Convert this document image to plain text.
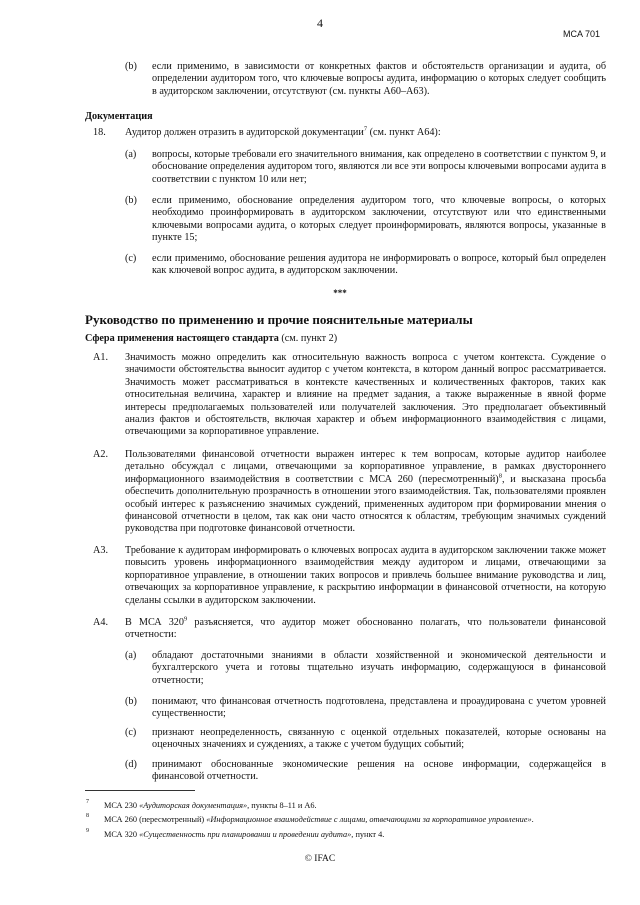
4
MCA 701
(b) если применимо, в зависимости от конкретных фактов и обстоятельств организации и аудита, об определении аудитором того, что ключевые вопросы аудита, информацию о которых следует сообщить в аудиторском заключении, отсутствуют (см. пункты A60–A63).
Документация
18. Аудитор должен отразить в аудиторской документации$^7$ (см. пункт А64):
(a) вопросы, которые требовали его значительного внимания, как определено в соответствии с пунктом 9, и обоснование определения аудитором того, являются ли все эти вопросы ключевыми вопросами аудита в соответствии с пунктом 10 или нет;
(b) если применимо, обоснование определения аудитором того, что ключевые вопросы, о которых необходимо проинформировать в аудиторском заключении, отсутствуют или что единственными ключевыми вопросами аудита, о которых следует проинформировать, являются вопросы, указанные в пункте 15;
(c) если применимо, обоснование решения аудитора не информировать о вопросе, который был определен как ключевой вопрос аудита, в аудиторском заключении.
***
Руководство по применению и прочие пояснительные материалы
Сфера применения настоящего стандарта (см. пункт 2)
A1. Значимость можно определить как относительную важность вопроса с учетом контекста. Суждение о значимости обстоятельства выносит аудитор с учетом контекста, в котором данный вопрос рассматривается. Значимость может рассматриваться в контексте качественных и количественных факторов, таких как относительная величина, характер и влияние на предмет задания, а также выраженные в явной форме интересы предполагаемых пользователей или получателей заключения. Это предполагает объективный анализ фактов и обстоятельств, включая характер и объем информационного взаимодействия с лицами, отвечающими за корпоративное управление.
A2. Пользователями финансовой отчетности выражен интерес к тем вопросам, которые аудитор наиболее детально обсуждал с лицами, отвечающими за корпоративное управление, в рамках двустороннего информационного взаимодействия в соответствии с МСА 260 (пересмотренный)$^8$, и высказана просьба обеспечить дополнительную прозрачность в отношении этого взаимодействия. Так, пользователями проявлен особый интерес к разъяснению значимых суждений, примененных аудитором при формировании мнения о финансовой отчетности в целом, так как они часто относятся к областям, требующим значимых суждений руководства при подготовке финансовой отчетности.
A3. Требование к аудиторам информировать о ключевых вопросах аудита в аудиторском заключении также может повысить уровень информационного взаимодействия между аудитором и лицами, отвечающими за корпоративное управление, в отношении таких вопросов и привлечь большее внимание руководства и лиц, отвечающих за корпоративное управление, к раскрытию информации в финансовой отчетности, на которую сделаны ссылки в аудиторском заключении.
A4. В МСА $320^9$ разъясняется, что аудитор может обоснованно полагать, что пользователи финансовой отчетности:
(a) обладают достаточными знаниями в области хозяйственной и экономической деятельности и бухгалтерского учета и готовы тщательно изучать информацию, содержащуюся в финансовой отчетности;
(b) понимают, что финансовая отчетность подготовлена, представлена и проаудирована с учетом уровней существенности;
(c) признают неопределенность, связанную с оценкой отдельных показателей, которые основаны на оценочных значениях и суждениях, а также с учетом будущих событий;
(d) принимают обоснованные экономические решения на основе информации, содержащейся в финансовой отчетности.
7 МСА 230 «Аудиторская документация», пункты 8–11 и А6.
8 МСА 260 (пересмотренный) «Информационное взаимодействие с лицами, отвечающими за корпоративное управление».
9 МСА 320 «Существенность при планировании и проведении аудита», пункт 4.
© IFAC
